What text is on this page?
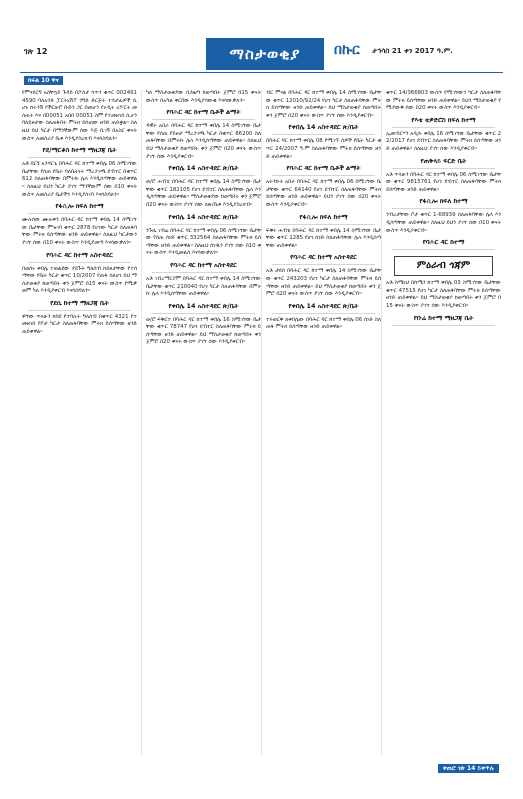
ገጽ 12	ማስታወቂያ	በኩር ታኅሳስ 21 ቀን 2017 ዓ.ም.
ክፍል 10 ዋና

የምናደርግ አስቸኳይ ጉዳይ በፖስታ ሳጥን ቁጥር 0024914590 ባለአንድ ፓርትኒሽፕ ንግድ ድርጅት ተሳታፊዎች ሲሆኑ ከትንሽ የችርቻሮ ቡድን ጋር በመሆን የኦዲት ሪፖርት መስጠት እና በ00051 አበበ 00051 ስም የተመዘገበ ሲሆን ባለይዞታው ስለጠፋበት ምትክ ይሰጠው ዘንድ ጠይቋል። ስለዚህ ይህ ካርታ በማንኛውም ሰው እጅ ቢገኝ በአስር ቀናት ውስጥ ለመስሪያ ቤቱ እንዲያስረክብ እናሳስባለን።

የደ/ማርቆስ ከተማ ማዘጋጃ ቤት

አቶ በርሄ አንዳርጌ በባሕር ዳር ከተማ ቀበሌ 06 ስሚገኘው ቤታቸው የሰጠ የቤት ባለቤትነት ማረጋገጫ ደብተር በቁጥር 612 ስለጠፋባቸው በምትኩ ሌላ እንዲሰጣቸው ጠይቀዋል። ስለዚህ ይህን ካርታ ያገኘ ማንኛውም ሰው በ10 ቀናት ውስጥ ለመስሪያ ቤታችን እንዲያስገባ እናሳስባለን።

የፋሲሎ ክፍለ ከተማ

ሙሉሰው ሙሉቀን በባሕር ዳር ከተማ ቀበሌ 14 ስሚገኘው ቤታቸው ምዝገባ ቁጥር 2878 የሆነው ካርታ ስለጠፋባቸው ምትክ ይሰጣቸው ዘንድ ጠይቀዋል። ስለዚህ ካርታውን ያገኘ ሰው በ10 ቀናት ውስጥ እንዲያመጣ እናሳውቃለን።

የባሕር ዳር ከተማ አስተዳደር

በወሰኑ ቀበሌ ተወልደው ያደጉት ግለሰብ ከይዞታቸው የተሰጣቸው የቤት ካርታ ቁጥር 10/2007 የጠፋ ስለሆነ ይህ ማስታወቂያ ከወጣበት ቀን ጀምሮ በ15 ቀናት ውስጥ የሚቃወም ካለ እንዲያቀርብ እናሳስባለን።

የደሴ ከተማ ማዘጋጃ ቤት

ዋኘው ጥላሁን ከበደ የተባሉት ግለሰብ በቁጥር 4321 የተመዘገበ የቦታ ካርታ ስለጠፋባቸው ምትክ ይሰጣቸው ዘንድ ጠይቀዋል።

ካለ ማስታወቂያው በጋዜጣ ከወጣበት ጀምሮ በ15 ቀናት ውስጥ በአካል ቀርበው እንዲያሳውቁ እናሳውቃለን።

የባሕር ዳር ከተማ ቤቶች ልማት

ዳዊት አበራ በባሕር ዳር ከተማ ቀበሌ 14 ስሚገኘው ቤታቸው የሰጠ የይዞታ ማረጋገጫ ካርታ በቁጥር 86200 ስለጠፋባቸው በምትኩ ሌላ እንዲሰጣቸው ጠይቀዋል። ስለዚህ ይህ ማስታወቂያ ከወጣበት ቀን ጀምሮ በ20 ቀናት ውስጥ ያገኘ ሰው እንዲያቀርብ።

የቀበሌ 14 አስተዳደር ጽ/ቤት

ወ/ሮ ሐብቴ በባሕር ዳር ከተማ ቀበሌ 14 ስሚገኘው ቤታቸው ቁጥር 182105 የሆነ ደብተር ስለጠፋባቸው ሌላ እንዲሰጣቸው ጠይቀዋል። ማስታወቂያው ከወጣበት ቀን ጀምሮ በ20 ቀናት ውስጥ ያገኘ ሰው ለጽ/ቤቱ እንዲያስረክብ።

የቀበሌ 14 አስተዳደር ጽ/ቤት

ንጉሴ ገብሬ በባሕር ዳር ከተማ ቀበሌ 06 ስሚገኘው ቤታቸው የሰጠ ሰነድ ቁጥር 332564 ስለጠፋባቸው ምትክ ይሰጣቸው ዘንድ ጠይቀዋል። ስለዚህ ሰነዱን ያገኘ ሰው በ10 ቀናት ውስጥ እንዲመልስ እናሳውቃለን።

የባሕር ዳር ከተማ አስተዳደር

አቶ ገብረማርያም በባሕር ዳር ከተማ ቀበሌ 14 ስሚገኘው ቤታቸው ቁጥር 210040 የሆነ ካርታ ስለጠፋባቸው በምትኩ ሌላ እንዲሰጣቸው ጠይቀዋል።

የቀበሌ 14 አስተዳደር ጽ/ቤት

ወ/ሮ ፍቅርተ በባሕር ዳር ከተማ ቀበሌ 16 ስሚገኘው ቤታቸው ቁጥር 78747 የሆነ ደብተር ስለጠፋባቸው ምትክ ይሰጣቸው ዘንድ ጠይቀዋል። ይህ ማስታወቂያ ከወጣበት ቀን ጀምሮ በ20 ቀናት ውስጥ ያገኘ ሰው እንዲያቀርብ።

ብር ምናል በባሕር ዳር ከተማ ቀበሌ 14 ስሚገኘው ቤታቸው ቁጥር 12010/92/24 የሆነ ካርታ ስለጠፋባቸው ምትክ ይሰጣቸው ዘንድ ጠይቀዋል። ይህ ማስታወቂያ ከወጣበት ቀን ጀምሮ በ20 ቀናት ውስጥ ያገኘ ሰው እንዲያቀርብ።

የቀበሌ 14 አስተዳደር ጽ/ቤት

በባሕር ዳር ከተማ ቀበሌ 08 የሚገኙ ሰዎች የቤት ካርታ ቁጥር 24/2007 ዓ.ም ስለጠፋባቸው ምትክ ይሰጣቸው ዘንድ ጠይቀዋል።

የባሕር ዳር ከተማ ቤቶች ልማት

አትንኩት አበራ በባሕር ዳር ከተማ ቀበሌ 06 ስሚገኘው ቤታቸው ቁጥር 64140 የሆነ ደብተር ስለጠፋባቸው ምትክ ይሰጣቸው ዘንድ ጠይቀዋል። ይህን ያገኘ ሰው በ20 ቀናት ውስጥ እንዲያቀርብ።

የፋሲሎ ክፍለ ከተማ

ፍቅሩ ሐብቴ በባሕር ዳር ከተማ ቀበሌ 14 ስሚገኘው ቤታቸው ቁጥር 1285 የሆነ ሰነድ ስለጠፋባቸው ሌላ እንዲሰጣቸው ጠይቀዋል።

የባሕር ዳር ከተማ አስተዳደር

አቶ ታደሰ በባሕር ዳር ከተማ ቀበሌ 14 ስሚገኘው ቤታቸው ቁጥር 243203 የሆነ ካርታ ስለጠፋባቸው ምትክ ይሰጣቸው ዘንድ ጠይቀዋል። ይህ ማስታወቂያ ከወጣበት ቀን ጀምሮ በ20 ቀናት ውስጥ ያገኘ ሰው እንዲያቀርብ።

የቀበሌ 14 አስተዳደር ጽ/ቤት

ተሩወርቅ ለቀበሌው በባሕር ዳር ከተማ ቀበሌ 06 ሰነድ ስለጠፋ ምትክ ይሰጣቸው ዘንድ ጠይቀዋል።

ቁጥር 14/366803 ውስጥ የሚገኘውን ካርታ ስለጠፋባቸው ምትክ ይሰጣቸው ዘንድ ጠይቀዋል። ይህን ማስታወቂያ የሚያውቅ ሰው በ20 ቀናት ውስጥ እንዲያቀርብ።

የእቴ ቴዎድሮስ ክፍለ ከተማ

ኢመብርሃን አዲሱ ቀበሌ 16 ስሚገኘው ቤታቸው ቁጥር 22/2017 የሆነ ደብተር ስለጠፋባቸው ምትክ ይሰጣቸው ዘንድ ጠይቀዋል። ስለዚህ ያገኘ ሰው እንዲያቀርብ።

የጠቅላይ ፍርድ ቤት

አቶ ጥላሁን በባሕር ዳር ከተማ ቀበሌ 06 ስሚገኘው ቤታቸው ቁጥር 9815761 የሆነ ደብተር ስለጠፋባቸው ምትክ ይሰጣቸው ዘንድ ጠይቀዋል።

የፋሲሎ ክፍለ ከተማ

ንብረታቸው ቦታ ቁጥር 1-68939 ስለጠፋባቸው ሌላ እንዲሰጣቸው ጠይቀዋል። ስለዚህ ይህን ያገኘ ሰው በ10 ቀናት ውስጥ እንዲያቀርብ።

የባሕር ዳር ከተማ
ምዕራብ ጎጃም

አቶ ስሜነህ በሰሜን ከተማ ቀበሌ 03 ስሚገኘው ቤታቸው ቁጥር 47515 የሆነ ካርታ ስለጠፋባቸው ምትክ ይሰጣቸው ዘንድ ጠይቀዋል። ይህ ማስታወቂያ ከወጣበት ቀን ጀምሮ በ15 ቀናት ውስጥ ያገኘ ሰው እንዲያቀርብ።

የቡሬ ከተማ ማዘጋጃ ቤት
ቀጠሮ ገጽ 14 ይቀጥሉ
